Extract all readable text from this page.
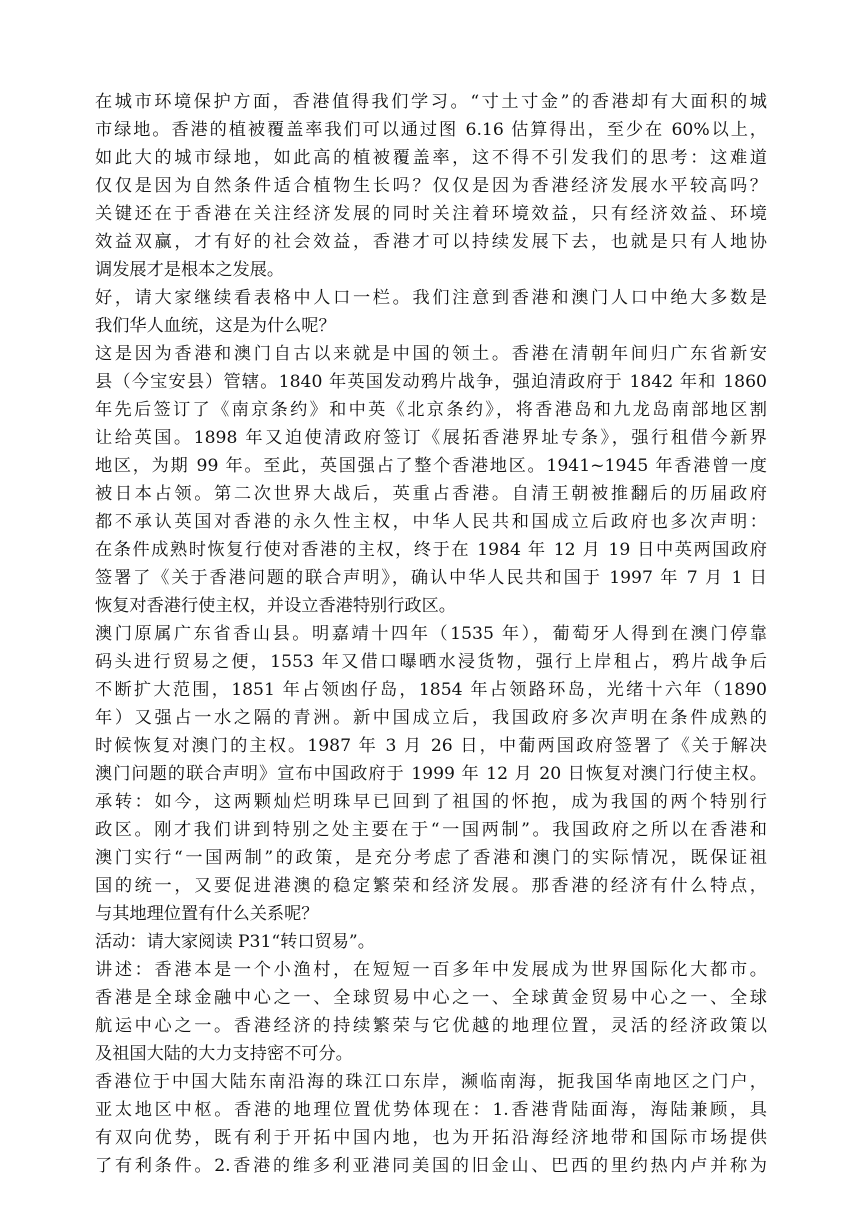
在城市环境保护方面，香港值得我们学习。“寸土寸金”的香港却有大面积的城
市绿地。香港的植被覆盖率我们可以通过图 6.16 估算得出，至少在 60%以上，
如此大的城市绿地，如此高的植被覆盖率，这不得不引发我们的思考：这难道
仅仅是因为自然条件适合植物生长吗？仅仅是因为香港经济发展水平较高吗？
关键还在于香港在关注经济发展的同时关注着环境效益，只有经济效益、环境
效益双赢，才有好的社会效益，香港才可以持续发展下去，也就是只有人地协
调发展才是根本之发展。
好，请大家继续看表格中人口一栏。我们注意到香港和澳门人口中绝大多数是
我们华人血统，这是为什么呢？
这是因为香港和澳门自古以来就是中国的领土。香港在清朝年间归广东省新安
县（今宝安县）管辖。1840 年英国发动鸦片战争，强迫清政府于 1842 年和 1860
年先后签订了《南京条约》和中英《北京条约》，将香港岛和九龙岛南部地区割
让给英国。1898 年又迫使清政府签订《展拓香港界址专条》，强行租借今新界
地区，为期 99 年。至此，英国强占了整个香港地区。1941~1945 年香港曾一度
被日本占领。第二次世界大战后，英重占香港。自清王朝被推翻后的历届政府
都不承认英国对香港的永久性主权，中华人民共和国成立后政府也多次声明：
在条件成熟时恢复行使对香港的主权，终于在 1984 年 12 月 19 日中英两国政府
签署了《关于香港问题的联合声明》，确认中华人民共和国于 1997 年 7 月 1 日
恢复对香港行使主权，并设立香港特别行政区。
澳门原属广东省香山县。明嘉靖十四年（1535 年），葡萄牙人得到在澳门停靠
码头进行贸易之便，1553 年又借口曝晒水浸货物，强行上岸租占，鸦片战争后
不断扩大范围，1851 年占领凼仔岛，1854 年占领路环岛，光绪十六年（1890
年）又强占一水之隔的青洲。新中国成立后，我国政府多次声明在条件成熟的
时候恢复对澳门的主权。1987 年 3 月 26 日，中葡两国政府签署了《关于解决
澳门问题的联合声明》宣布中国政府于 1999 年 12 月 20 日恢复对澳门行使主权。
承转：如今，这两颗灿烂明珠早已回到了祖国的怀抱，成为我国的两个特别行
政区。刚才我们讲到特别之处主要在于“一国两制”。我国政府之所以在香港和
澳门实行“一国两制”的政策，是充分考虑了香港和澳门的实际情况，既保证祖
国的统一，又要促进港澳的稳定繁荣和经济发展。那香港的经济有什么特点，
与其地理位置有什么关系呢？
活动：请大家阅读 P31“转口贸易”。
讲述：香港本是一个小渔村，在短短一百多年中发展成为世界国际化大都市。
香港是全球金融中心之一、全球贸易中心之一、全球黄金贸易中心之一、全球
航运中心之一。香港经济的持续繁荣与它优越的地理位置，灵活的经济政策以
及祖国大陆的大力支持密不可分。
香港位于中国大陆东南沿海的珠江口东岸，濒临南海，扼我国华南地区之门户，
亚太地区中枢。香港的地理位置优势体现在：1.香港背陆面海，海陆兼顾，具
有双向优势，既有利于开拓中国内地，也为开拓沿海经济地带和国际市场提供
了有利条件。2.香港的维多利亚港同美国的旧金山、巴西的里约热内卢并称为
